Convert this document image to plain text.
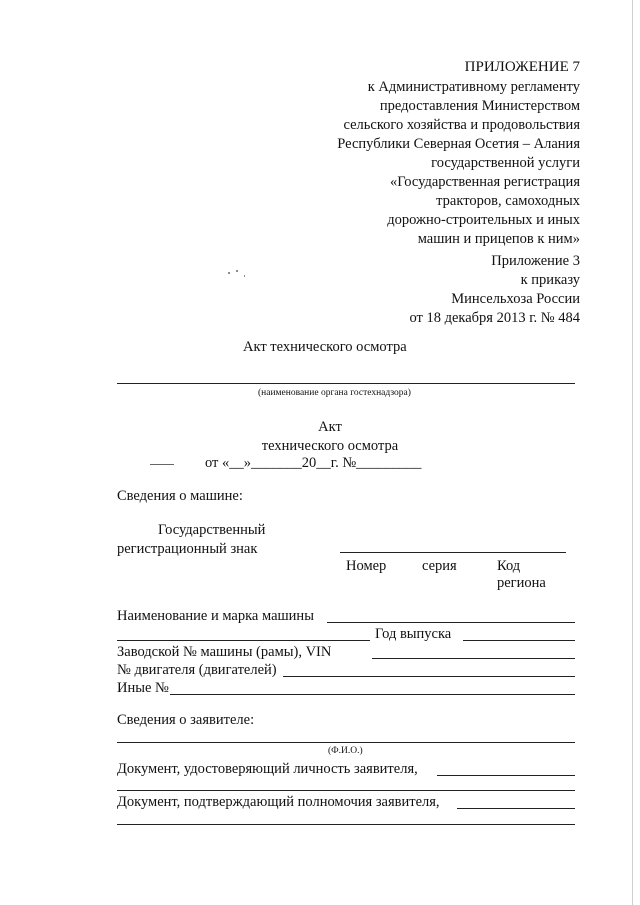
ПРИЛОЖЕНИЕ 7
к Административному регламенту
предоставления Министерством
сельского хозяйства и продовольствия
Республики Северная Осетия – Алания
государственной услуги
«Государственная регистрация
тракторов, самоходных
дорожно-строительных и иных
машин и прицепов к ним»
Приложение 3
к приказу
Минсельхоза России
от 18 декабря 2013 г. № 484
Акт технического осмотра
(наименование органа гостехнадзора)
Акт
технического осмотра
от «__»_______20__г. №_________
Сведения о машине:
Государственный
регистрационный знак
Номер серия	Код
региона
Наименование и марка машины
Год выпуска
Заводской № машины (рамы), VIN
№ двигателя (двигателей)
Иные №
Сведения о заявителе:
(Ф.И.О.)
Документ, удостоверяющий личность заявителя,
Документ, подтверждающий полномочия заявителя,
